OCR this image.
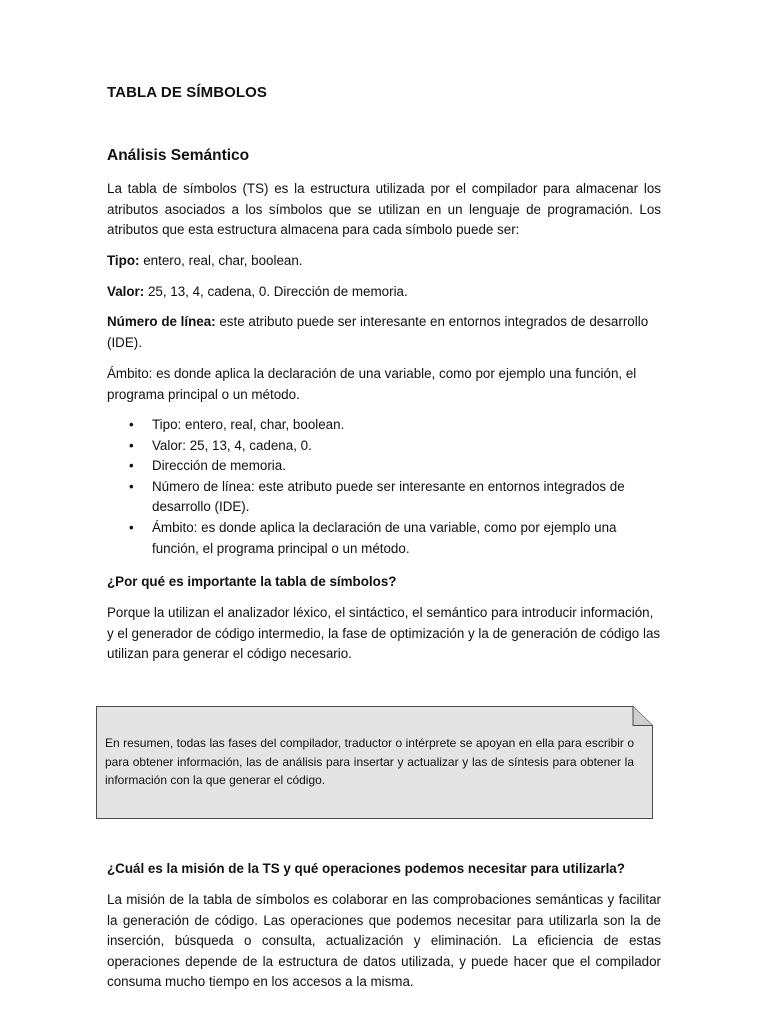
TABLA DE SÍMBOLOS
Análisis Semántico

La tabla de símbolos (TS) es la estructura utilizada por el compilador para almacenar los atributos asociados a los símbolos que se utilizan en un lenguaje de programación. Los atributos que esta estructura almacena para cada símbolo puede ser:

Tipo: entero, real, char, boolean.

Valor: 25, 13, 4, cadena, 0. Dirección de memoria.

Número de línea: este atributo puede ser interesante en entornos integrados de desarrollo (IDE).

Ámbito: es donde aplica la declaración de una variable, como por ejemplo una función, el programa principal o un método.

• Tipo: entero, real, char, boolean.
• Valor: 25, 13, 4, cadena, 0.
• Dirección de memoria.
• Número de línea: este atributo puede ser interesante en entornos integrados de desarrollo (IDE).
• Ámbito: es donde aplica la declaración de una variable, como por ejemplo una función, el programa principal o un método.

¿Por qué es importante la tabla de símbolos?

Porque la utilizan el analizador léxico, el sintáctico, el semántico para introducir información, y el generador de código intermedio, la fase de optimización y la de generación de código las utilizan para generar el código necesario.

¿Cuál es la misión de la TS y qué operaciones podemos necesitar para utilizarla?

La misión de la tabla de símbolos es colaborar en las comprobaciones semánticas y facilitar la generación de código. Las operaciones que podemos necesitar para utilizarla son la de inserción, búsqueda o consulta, actualización y eliminación. La eficiencia de estas operaciones depende de la estructura de datos utilizada, y puede hacer que el compilador consuma mucho tiempo en los accesos a la misma.

En resumen, todas las fases del compilador, traductor o intérprete se apoyan en ella para escribir o para obtener información, las de análisis para insertar y actualizar y las de síntesis para obtener la información con la que generar el código.
